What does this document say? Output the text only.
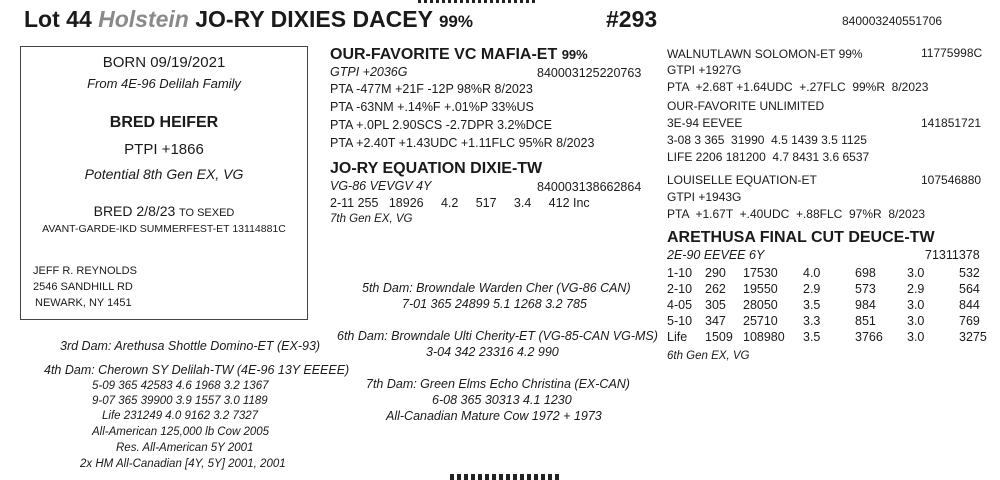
Lot 44 Holstein JO-RY DIXIES DACEY 99%	#293	840003240551706
BORN 09/19/2021
From 4E-96 Delilah Family
BRED HEIFER
PTPI +1866
Potential 8th Gen EX, VG
BRED 2/8/23 TO SEXED
AVANT-GARDE-IKD SUMMERFEST-ET 13114881C
JEFF R. REYNOLDS
2546 SANDHILL RD
NEWARK, NY 1451
OUR-FAVORITE VC MAFIA-ET 99%
GTPI +2036G
PTA -477M +21F -12P 98%R 8/2023
PTA -63NM +.14%F +.01%P 33%US
PTA +.0PL 2.90SCS -2.7DPR 3.2%DCE
PTA +2.40T +1.43UDC +1.11FLC 95%R 8/2023
840003125220763
JO-RY EQUATION DIXIE-TW
VG-86 VEVGV 4Y
2-11 255   18926     4.2     517     3.4     412 Inc
7th Gen EX, VG
840003138662864
WALNUTLAWN SOLOMON-ET 99%	11775998C
GTPI +1927G
PTA  +2.68T +1.64UDC  +.27FLC  99%R  8/2023
OUR-FAVORITE UNLIMITED
3E-94 EEVEE	141851721
3-08 3 365  31990  4.5 1439 3.5 1125
LIFE 2206 181200  4.7 8431 3.6 6537
LOUISELLE EQUATION-ET	107546880
GTPI +1943G
PTA  +1.67T  +.40UDC  +.88FLC  97%R  8/2023
ARETHUSA FINAL CUT DEUCE-TW
2E-90 EEVEE 6Y	71311378
1-10	290	17530	4.0	698	3.0	532
2-10	262	19550	2.9	573	2.9	564
4-05	305	28050	3.5	984	3.0	844
5-10	347	25710	3.3	851	3.0	769
Life	1509	108980	3.5	3766	3.0	3275
6th Gen EX, VG
5th Dam: Browndale Warden Cher (VG-86 CAN)
7-01 365 24899 5.1 1268 3.2 785
6th Dam: Browndale Ulti Cherity-ET (VG-85-CAN VG-MS)
3-04 342 23316 4.2 990
7th Dam: Green Elms Echo Christina (EX-CAN)
6-08 365 30313 4.1 1230
All-Canadian Mature Cow 1972 + 1973
3rd Dam: Arethusa Shottle Domino-ET (EX-93)
4th Dam: Cherown SY Delilah-TW (4E-96 13Y EEEEE)
5-09 365 42583 4.6 1968 3.2 1367
9-07 365 39900 3.9 1557 3.0 1189
Life 231249 4.0 9162 3.2 7327
All-American 125,000 lb Cow 2005
Res. All-American 5Y 2001
2x HM All-Canadian [4Y, 5Y] 2001, 2001
